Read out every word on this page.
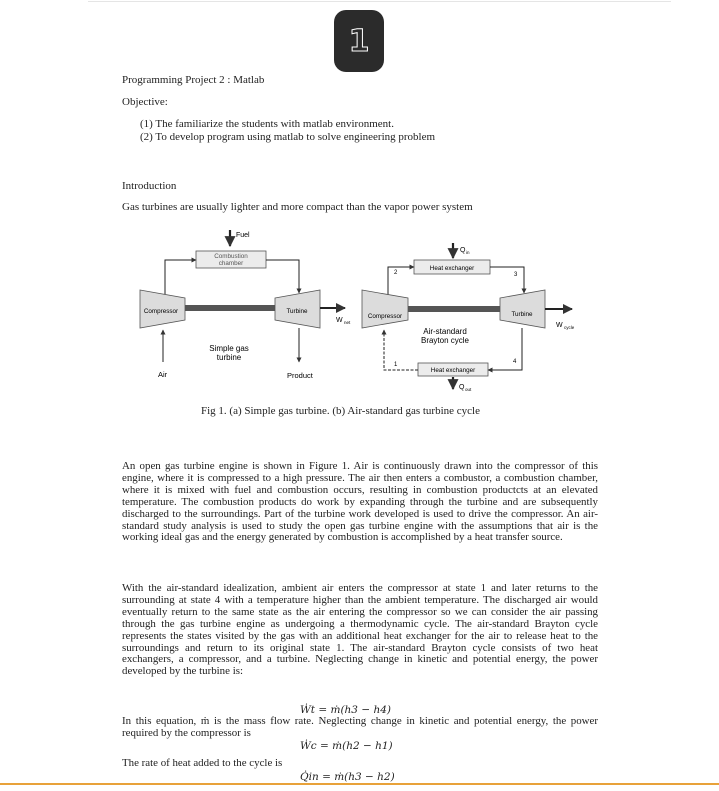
1
Programming Project 2 : Matlab
Objective:
(1) The familiarize the students with matlab environment.
(2) To develop program using matlab to solve engineering problem
Introduction
Gas turbines are usually lighter and more compact than the vapor power system
Fuel
Combustion
chamber
Compressor	Turbine
W net
Air	Product
Simple gas
turbine
Q in
Heat exchanger
2	3
Compressor	Turbine
W cycle
Air-standard
Brayton cycle
Heat exchanger
1	4
Q out
Fig 1. (a) Simple gas turbine. (b) Air-standard gas turbine cycle
An open gas turbine engine is shown in Figure 1. Air is continuously drawn into the compressor of this engine, where it is compressed to a high pressure. The air then enters a combustor, a combustion chamber, where it is mixed with fuel and combustion occurs, resulting in combustion productcts at an elevated temperature. The combustion products do work by expanding through the turbine and are subsequently discharged to the surroundings. Part of the turbine work developed is used to drive the compressor. An air-standard study analysis is used to study the open gas turbine engine with the assumptions that air is the working ideal gas and the energy generated by combustion is accomplished by a heat transfer source.
With the air-standard idealization, ambient air enters the compressor at state 1 and later returns to the surrounding at state 4 with a temperature higher than the ambient temperature. The discharged air would eventually return to the same state as the air entering the compressor so we can consider the air passing through the gas turbine engine as undergoing a thermodynamic cycle. The air-standard Brayton cycle represents the states visited by the gas with an additional heat exchanger for the air to release heat to the surroundings and return to its original state 1. The air-standard Brayton cycle consists of two heat exchangers, a compressor, and a turbine. Neglecting change in kinetic and potential energy, the power developed by the turbine is:
Ẇt = ṁ(h3 − h4)
In this equation, ṁ is the mass flow rate. Neglecting change in kinetic and potential energy, the power required by the compressor is
Ẇc = ṁ(h2 − h1)
The rate of heat added to the cycle is
Q̇in = ṁ(h3 − h2)
